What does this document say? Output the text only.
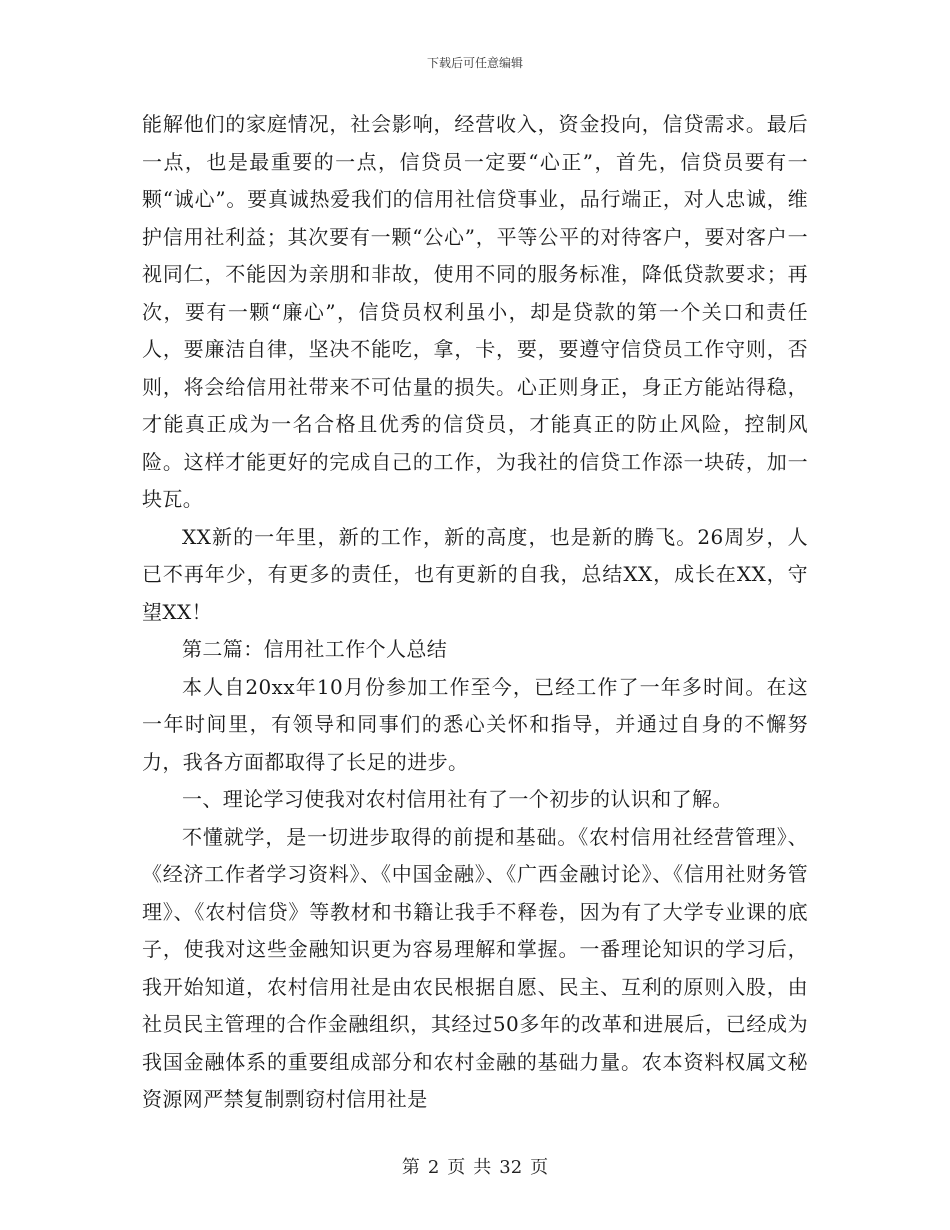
下载后可任意编辑

能解他们的家庭情况，社会影响，经营收入，资金投向，信贷需求。最后一点，也是最重要的一点，信贷员一定要“心正”，首先，信贷员要有一颗“诚心”。要真诚热爱我们的信用社信贷事业，品行端正，对人忠诚，维护信用社利益；其次要有一颗“公心”，平等公平的对待客户，要对客户一视同仁，不能因为亲朋和非故，使用不同的服务标准，降低贷款要求；再次，要有一颗“廉心”，信贷员权利虽小，却是贷款的第一个关口和责任人，要廉洁自律，坚决不能吃，拿，卡，要，要遵守信贷员工作守则，否则，将会给信用社带来不可估量的损失。心正则身正，身正方能站得稳，才能真正成为一名合格且优秀的信贷员，才能真正的防止风险，控制风险。这样才能更好的完成自己的工作，为我社的信贷工作添一块砖，加一块瓦。

XX新的一年里，新的工作，新的高度，也是新的腾飞。26周岁，人已不再年少，有更多的责任，也有更新的自我，总结XX，成长在XX，守望XX！

第二篇：信用社工作个人总结

本人自20xx年10月份参加工作至今，已经工作了一年多时间。在这一年时间里，有领导和同事们的悉心关怀和指导，并通过自身的不懈努力，我各方面都取得了长足的进步。

一、理论学习使我对农村信用社有了一个初步的认识和了解。

不懂就学，是一切进步取得的前提和基础。《农村信用社经营管理》、《经济工作者学习资料》、《中国金融》、《广西金融讨论》、《信用社财务管理》、《农村信贷》等教材和书籍让我手不释卷，因为有了大学专业课的底子，使我对这些金融知识更为容易理解和掌握。一番理论知识的学习后，我开始知道，农村信用社是由农民根据自愿、民主、互利的原则入股，由社员民主管理的合作金融组织，其经过50多年的改革和进展后，已经成为我国金融体系的重要组成部分和农村金融的基础力量。农本资料权属文秘资源网严禁复制剽窃村信用社是

第 2 页 共 32 页
